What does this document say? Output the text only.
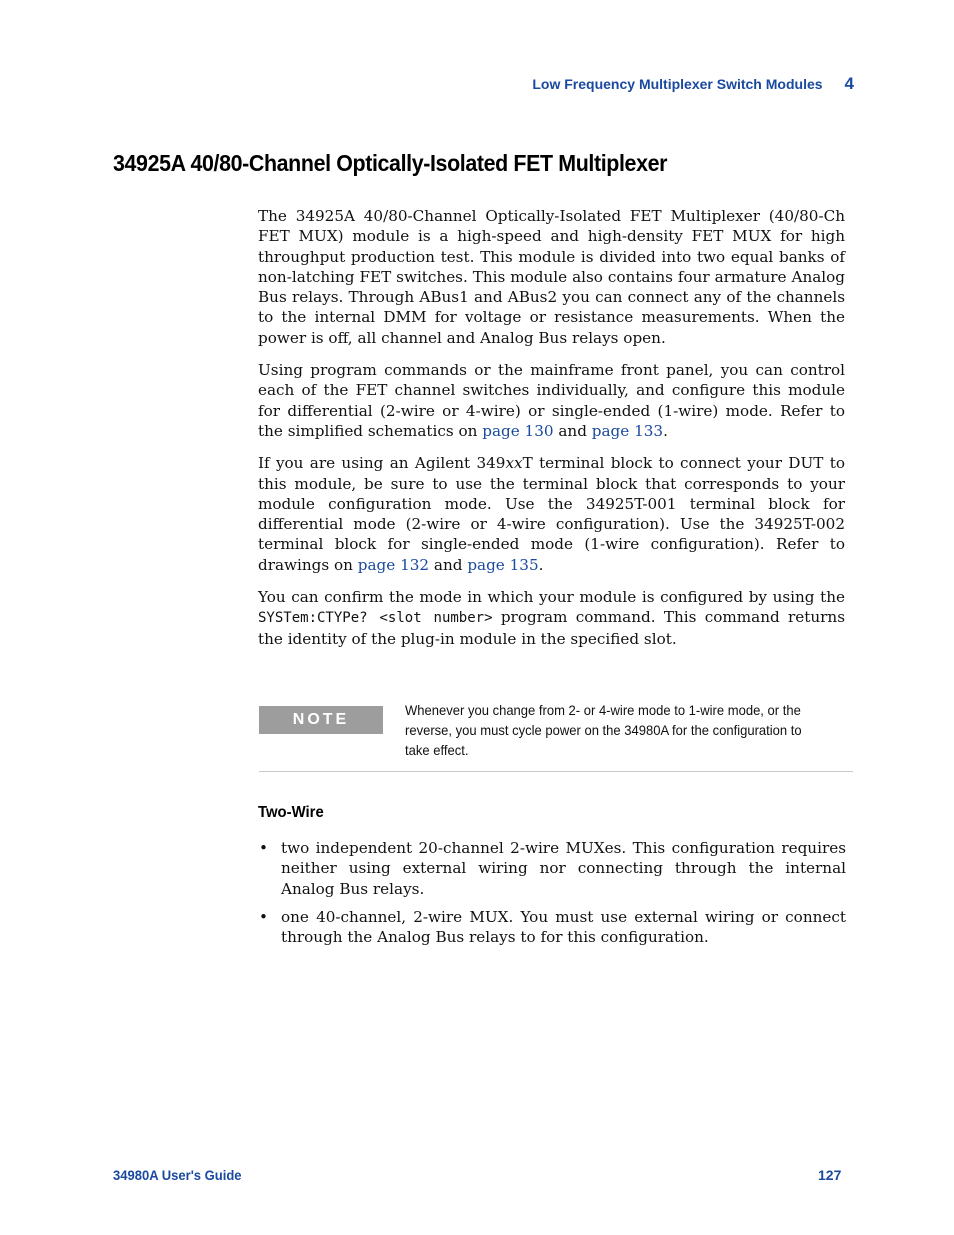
Low Frequency Multiplexer Switch Modules 4
34925A 40/80-Channel Optically-Isolated FET Multiplexer

The 34925A 40/80-Channel Optically-Isolated FET Multiplexer (40/80-Ch FET MUX) module is a high-speed and high-density FET MUX for high throughput production test. This module is divided into two equal banks of non-latching FET switches. This module also contains four armature Analog Bus relays. Through ABus1 and ABus2 you can connect any of the channels to the internal DMM for voltage or resistance measurements. When the power is off, all channel and Analog Bus relays open.

Using program commands or the mainframe front panel, you can control each of the FET channel switches individually, and configure this module for differential (2-wire or 4-wire) or single-ended (1-wire) mode. Refer to the simplified schematics on page 130 and page 133.

If you are using an Agilent 349xxT terminal block to connect your DUT to this module, be sure to use the terminal block that corresponds to your module configuration mode. Use the 34925T-001 terminal block for differential mode (2-wire or 4-wire configuration). Use the 34925T-002 terminal block for single-ended mode (1-wire configuration). Refer to drawings on page 132 and page 135.

You can confirm the mode in which your module is configured by using the SYSTem:CTYPe? <slot number> program command. This command returns the identity of the plug-in module in the specified slot.

NOTE
Whenever you change from 2- or 4-wire mode to 1-wire mode, or the reverse, you must cycle power on the 34980A for the configuration to take effect.
Two-Wire
• two independent 20-channel 2-wire MUXes. This configuration requires neither using external wiring nor connecting through the internal Analog Bus relays.
• one 40-channel, 2-wire MUX. You must use external wiring or connect through the Analog Bus relays to for this configuration.
34980A User's Guide	127
